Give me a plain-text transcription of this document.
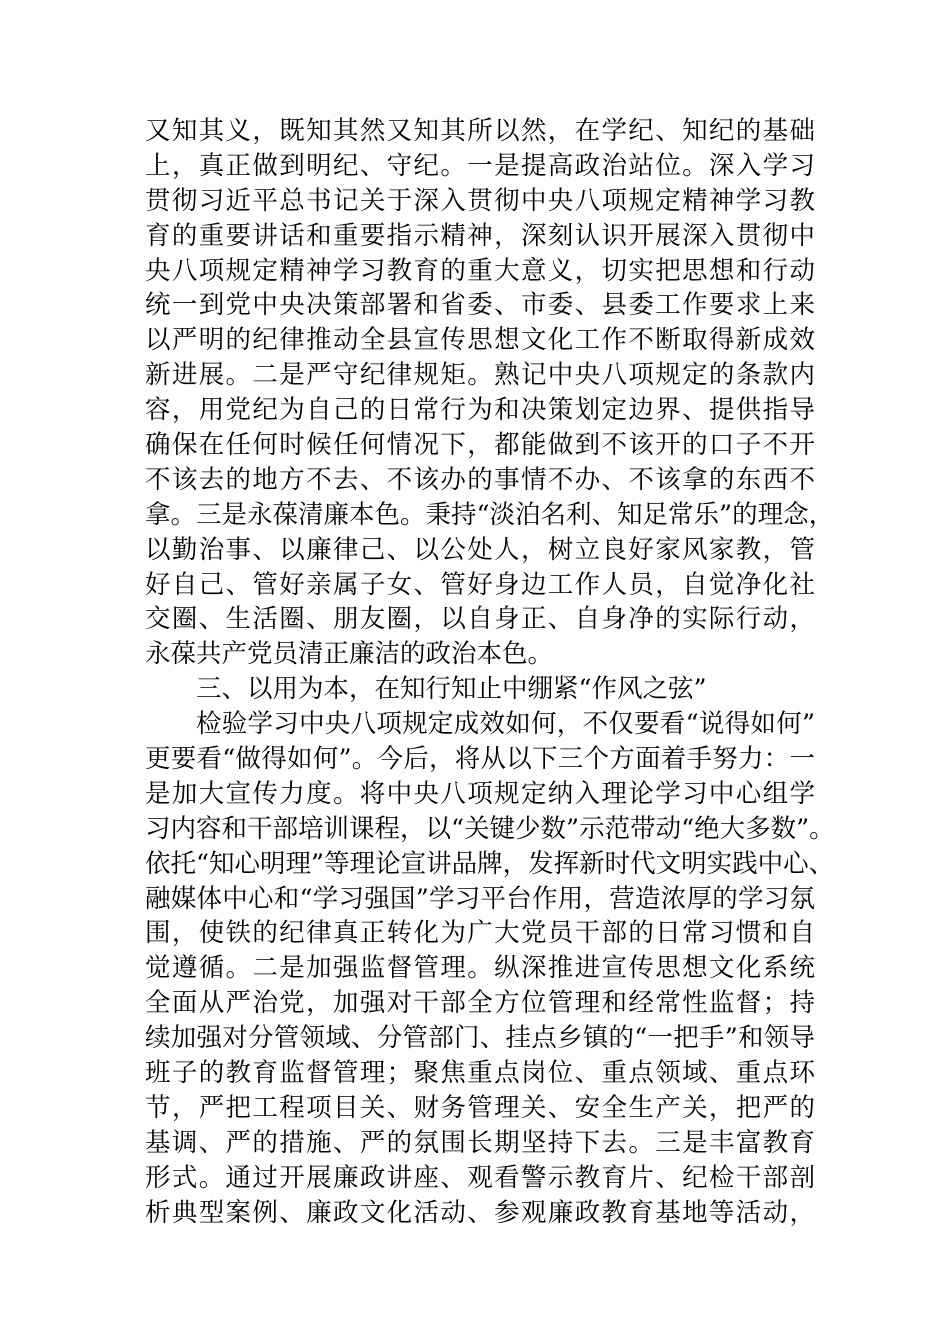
又知其义，既知其然又知其所以然，在学纪、知纪的基础
上，真正做到明纪、守纪。一是提高政治站位。深入学习
贯彻习近平总书记关于深入贯彻中央八项规定精神学习教
育的重要讲话和重要指示精神，深刻认识开展深入贯彻中
央八项规定精神学习教育的重大意义，切实把思想和行动
统一到党中央决策部署和省委、市委、县委工作要求上来
以严明的纪律推动全县宣传思想文化工作不断取得新成效
新进展。二是严守纪律规矩。熟记中央八项规定的条款内
容，用党纪为自己的日常行为和决策划定边界、提供指导
确保在任何时候任何情况下，都能做到不该开的口子不开
不该去的地方不去、不该办的事情不办、不该拿的东西不
拿。三是永葆清廉本色。秉持“淡泊名利、知足常乐”的理念，
以勤治事、以廉律己、以公处人，树立良好家风家教，管
好自己、管好亲属子女、管好身边工作人员，自觉净化社
交圈、生活圈、朋友圈，以自身正、自身净的实际行动，
永葆共产党员清正廉洁的政治本色。
三、以用为本，在知行知止中绷紧“作风之弦”
检验学习中央八项规定成效如何，不仅要看“说得如何”
更要看“做得如何”。今后，将从以下三个方面着手努力：一
是加大宣传力度。将中央八项规定纳入理论学习中心组学
习内容和干部培训课程，以“关键少数”示范带动“绝大多数”。
依托“知心明理”等理论宣讲品牌，发挥新时代文明实践中心、
融媒体中心和“学习强国”学习平台作用，营造浓厚的学习氛
围，使铁的纪律真正转化为广大党员干部的日常习惯和自
觉遵循。二是加强监督管理。纵深推进宣传思想文化系统
全面从严治党，加强对干部全方位管理和经常性监督；持
续加强对分管领域、分管部门、挂点乡镇的“一把手”和领导
班子的教育监督管理；聚焦重点岗位、重点领域、重点环
节，严把工程项目关、财务管理关、安全生产关，把严的
基调、严的措施、严的氛围长期坚持下去。三是丰富教育
形式。通过开展廉政讲座、观看警示教育片、纪检干部剖
析典型案例、廉政文化活动、参观廉政教育基地等活动，
